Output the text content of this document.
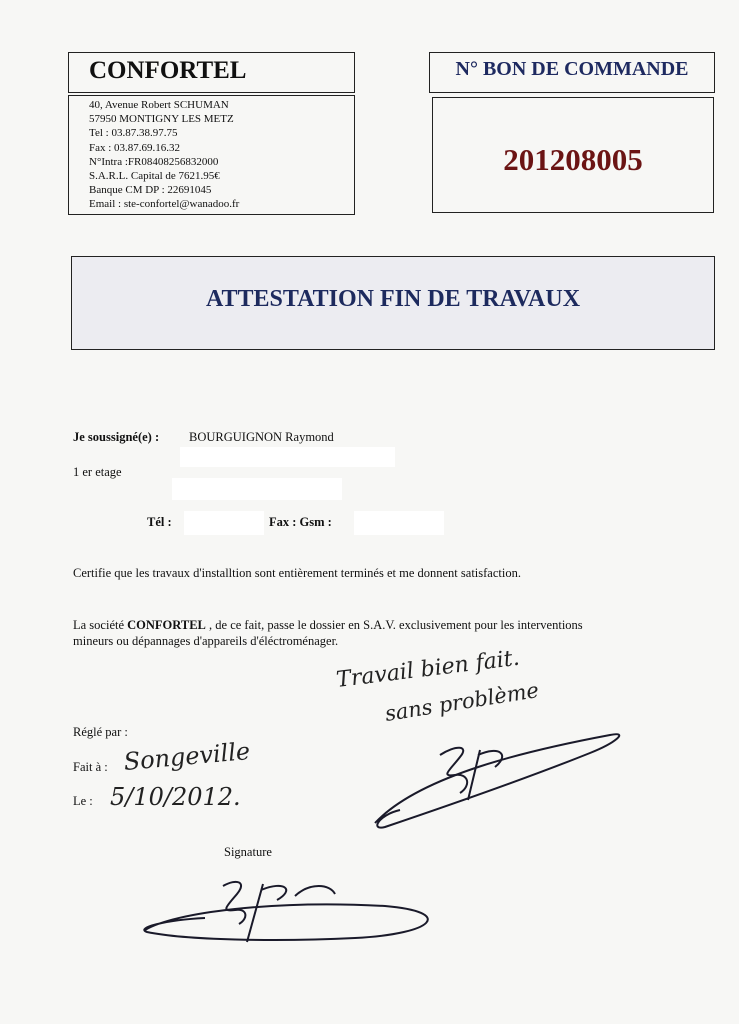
CONFORTEL
40, Avenue Robert SCHUMAN
57950 MONTIGNY LES METZ
Tel : 03.87.38.97.75
Fax : 03.87.69.16.32
N°Intra :FR08408256832000
S.A.R.L. Capital de 7621.95€
Banque CM DP : 22691045
Email : ste-confortel@wanadoo.fr
N° BON DE COMMANDE
201208005
ATTESTATION FIN DE TRAVAUX
Je soussigné(e) : BOURGUIGNON Raymond
1 er etage
Tél :	Fax : Gsm :
Certifie que les travaux d'installtion sont entièrement terminés et me donnent satisfaction.
La société CONFORTEL , de ce fait, passe le dossier en S.A.V. exclusivement pour les interventions
mineurs ou dépannages d'appareils d'éléctroménager.
Travail bien fait.
sans problème
Réglé par :
Fait à : Songeville
Le : 5/10/2012.
Signature
